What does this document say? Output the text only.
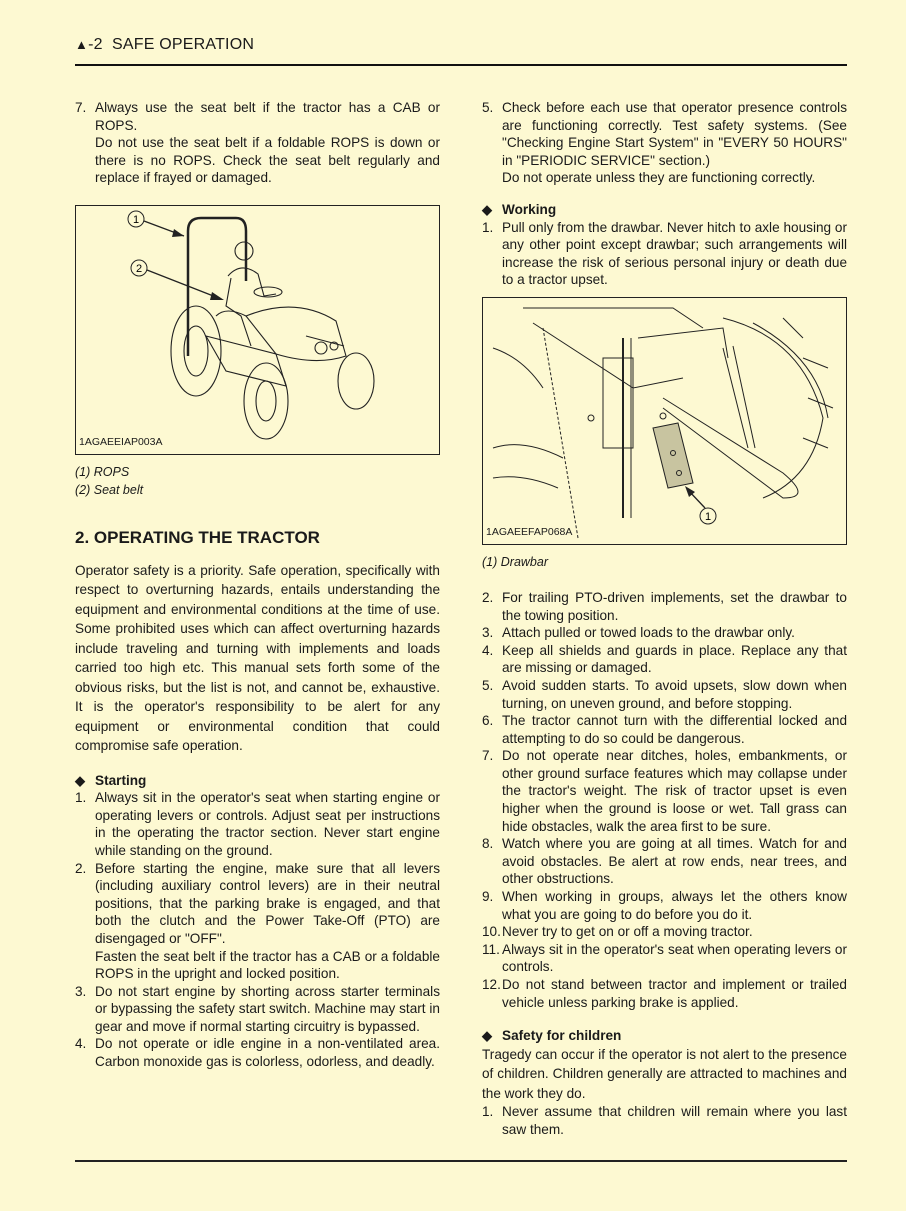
▲-2 SAFE OPERATION
7. Always use the seat belt if the tractor has a CAB or ROPS.
Do not use the seat belt if a foldable ROPS is down or there is no ROPS. Check the seat belt regularly and replace if frayed or damaged.
1
2
1AGAEEIAP003A
(1) ROPS
(2) Seat belt
2. OPERATING THE TRACTOR

Operator safety is a priority. Safe operation, specifically with respect to overturning hazards, entails understanding the equipment and environmental conditions at the time of use. Some prohibited uses which can affect overturning hazards include traveling and turning with implements and loads carried too high etc. This manual sets forth some of the obvious risks, but the list is not, and cannot be, exhaustive. It is the operator's responsibility to be alert for any equipment or environmental condition that could compromise safe operation.

◆ Starting
1. Always sit in the operator's seat when starting engine or operating levers or controls. Adjust seat per instructions in the operating the tractor section. Never start engine while standing on the ground.
2. Before starting the engine, make sure that all levers (including auxiliary control levers) are in their neutral positions, that the parking brake is engaged, and that both the clutch and the Power Take-Off (PTO) are disengaged or "OFF".
Fasten the seat belt if the tractor has a CAB or a foldable ROPS in the upright and locked position.
3. Do not start engine by shorting across starter terminals or bypassing the safety start switch. Machine may start in gear and move if normal starting circuitry is bypassed.
4. Do not operate or idle engine in a non-ventilated area. Carbon monoxide gas is colorless, odorless, and deadly.
5. Check before each use that operator presence controls are functioning correctly. Test safety systems. (See "Checking Engine Start System" in "EVERY 50 HOURS" in "PERIODIC SERVICE" section.)
Do not operate unless they are functioning correctly.
◆ Working
1. Pull only from the drawbar. Never hitch to axle housing or any other point except drawbar; such arrangements will increase the risk of serious personal injury or death due to a tractor upset.
1
1AGAEEFAP068A
(1) Drawbar
2. For trailing PTO-driven implements, set the drawbar to the towing position.
3. Attach pulled or towed loads to the drawbar only.
4. Keep all shields and guards in place. Replace any that are missing or damaged.
5. Avoid sudden starts. To avoid upsets, slow down when turning, on uneven ground, and before stopping.
6. The tractor cannot turn with the differential locked and attempting to do so could be dangerous.
7. Do not operate near ditches, holes, embankments, or other ground surface features which may collapse under the tractor's weight. The risk of tractor upset is even higher when the ground is loose or wet. Tall grass can hide obstacles, walk the area first to be sure.
8. Watch where you are going at all times. Watch for and avoid obstacles. Be alert at row ends, near trees, and other obstructions.
9. When working in groups, always let the others know what you are going to do before you do it.
10. Never try to get on or off a moving tractor.
11. Always sit in the operator's seat when operating levers or controls.
12. Do not stand between tractor and implement or trailed vehicle unless parking brake is applied.
◆ Safety for children

Tragedy can occur if the operator is not alert to the presence of children. Children generally are attracted to machines and the work they do.

1. Never assume that children will remain where you last saw them.
